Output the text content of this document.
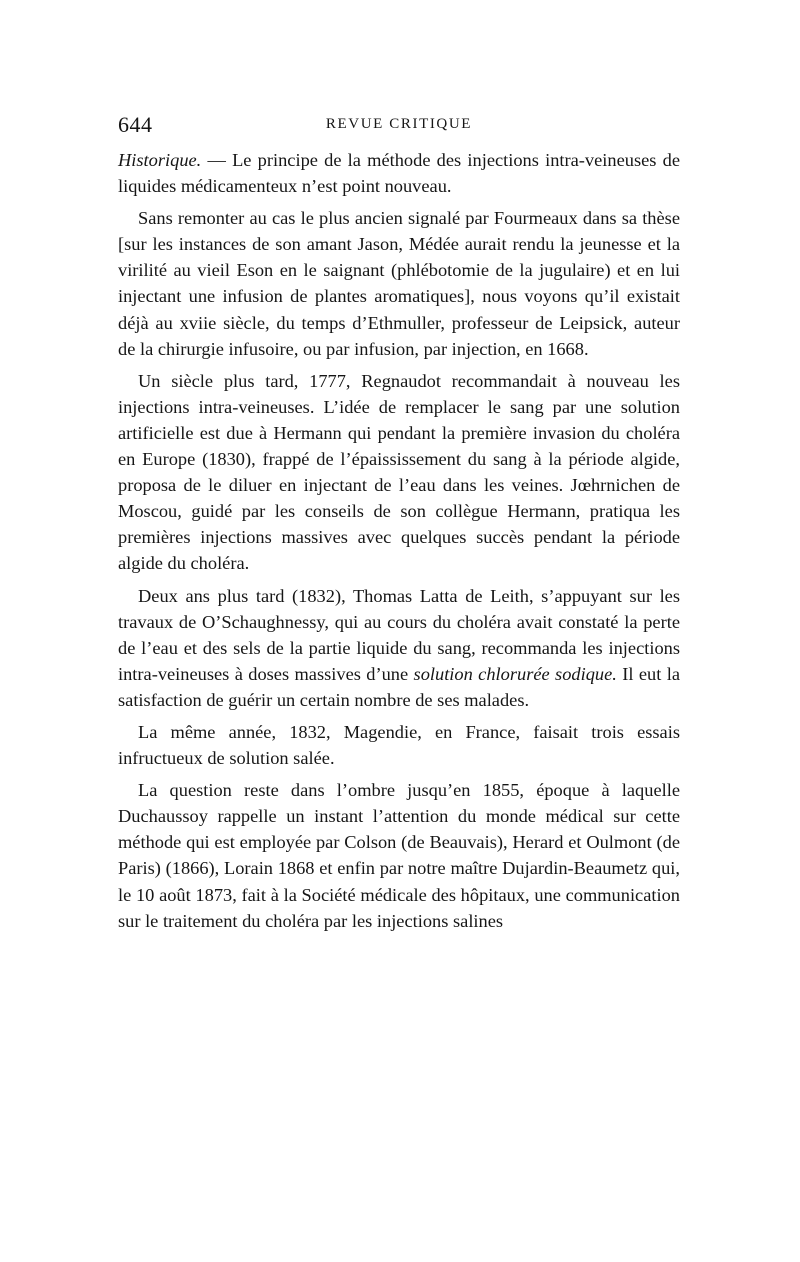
644	REVUE CRITIQUE

Historique. — Le principe de la méthode des injections intra-veineuses de liquides médicamenteux n’est point nouveau.

Sans remonter au cas le plus ancien signalé par Fourmeaux dans sa thèse [sur les instances de son amant Jason, Médée aurait rendu la jeunesse et la virilité au vieil Eson en le saignant (phlébotomie de la jugulaire) et en lui injectant une infusion de plantes aromatiques], nous voyons qu’il existait déjà au xviie siècle, du temps d’Ethmuller, professeur de Leipsick, auteur de la chirurgie infusoire, ou par infusion, par injection, en 1668.

Un siècle plus tard, 1777, Regnaudot recommandait à nouveau les injections intra-veineuses. L’idée de remplacer le sang par une solution artificielle est due à Hermann qui pendant la première invasion du choléra en Europe (1830), frappé de l’épaississement du sang à la période algide, proposa de le diluer en injectant de l’eau dans les veines. Jœhrnichen de Moscou, guidé par les conseils de son collègue Hermann, pratiqua les premières injections massives avec quelques succès pendant la période algide du choléra.

Deux ans plus tard (1832), Thomas Latta de Leith, s’appuyant sur les travaux de O’Schaughnessy, qui au cours du choléra avait constaté la perte de l’eau et des sels de la partie liquide du sang, recommanda les injections intra-veineuses à doses massives d’une solution chlorurée sodique. Il eut la satisfaction de guérir un certain nombre de ses malades.

La même année, 1832, Magendie, en France, faisait trois essais infructueux de solution salée.

La question reste dans l’ombre jusqu’en 1855, époque à laquelle Duchaussoy rappelle un instant l’attention du monde médical sur cette méthode qui est employée par Colson (de Beauvais), Herard et Oulmont (de Paris) (1866), Lorain 1868 et enfin par notre maître Dujardin-Beaumetz qui, le 10 août 1873, fait à la Société médicale des hôpitaux, une communication sur le traitement du choléra par les injections salines
